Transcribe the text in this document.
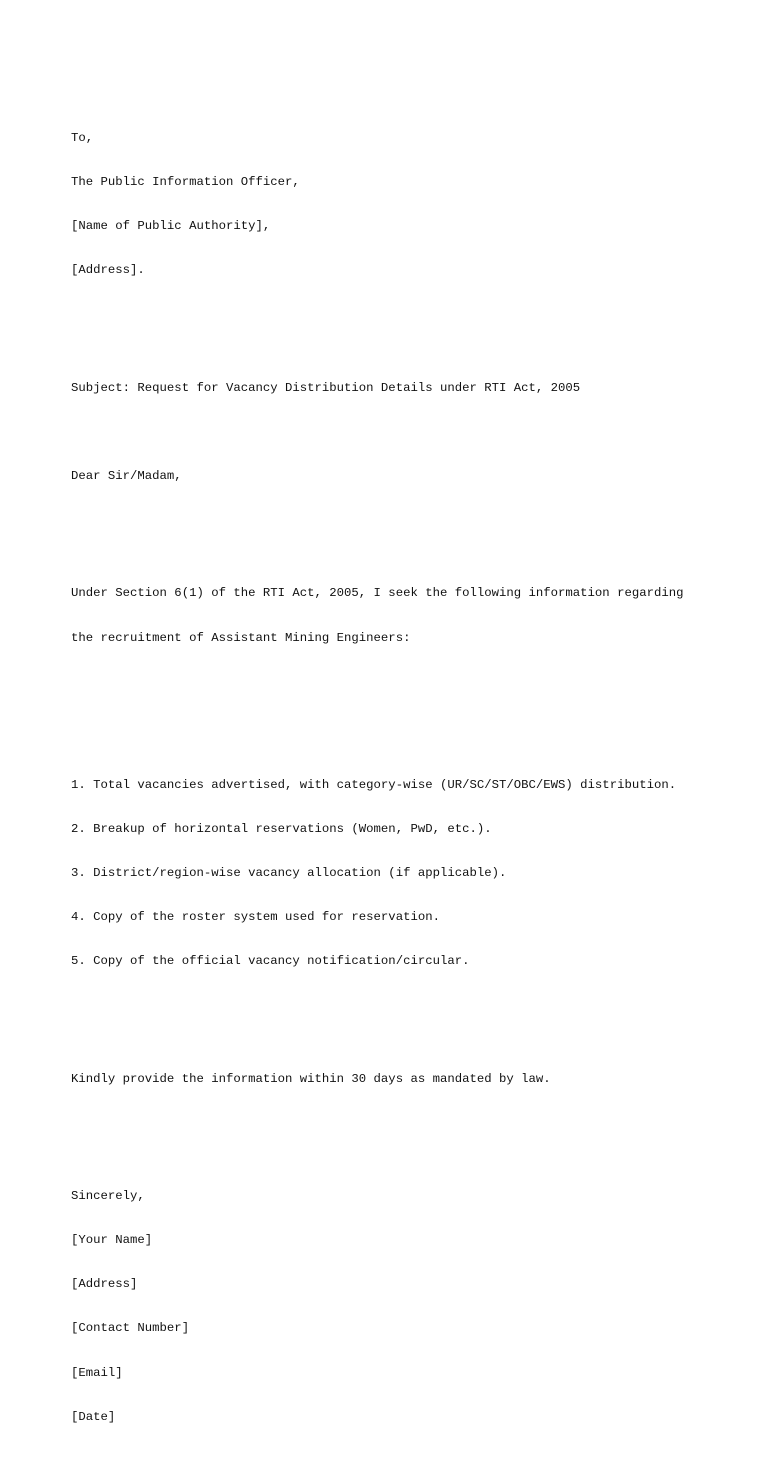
To,

The Public Information Officer,

[Name of Public Authority],

[Address].

Subject: Request for Vacancy Distribution Details under RTI Act, 2005

Dear Sir/Madam,

Under Section 6(1) of the RTI Act, 2005, I seek the following information regarding

the recruitment of Assistant Mining Engineers:

1. Total vacancies advertised, with category-wise (UR/SC/ST/OBC/EWS) distribution.

2. Breakup of horizontal reservations (Women, PwD, etc.).

3. District/region-wise vacancy allocation (if applicable).

4. Copy of the roster system used for reservation.

5. Copy of the official vacancy notification/circular.

Kindly provide the information within 30 days as mandated by law.

Sincerely,

[Your Name]

[Address]

[Contact Number]

[Email]

[Date]
